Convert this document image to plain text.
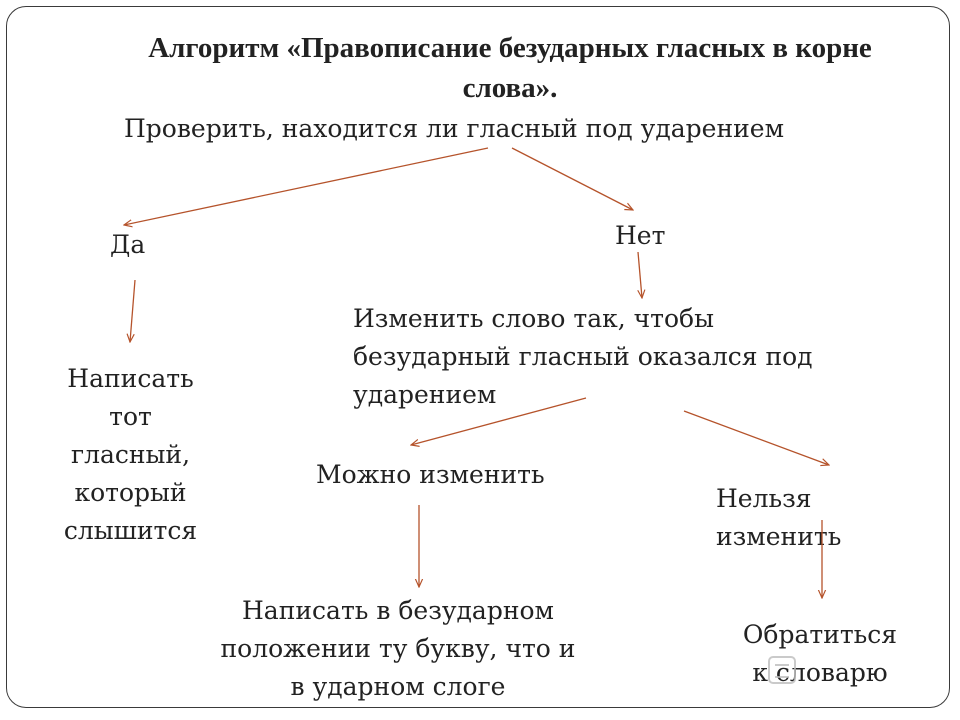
Алгоритм «Правописание безударных гласных в корне
слова».
Проверить, находится ли гласный под ударением
Да	Нет
Написать
тот
гласный,
который
слышится
Изменить слово так, чтобы
безударный гласный оказался под
ударением
Можно изменить
Нельзя
изменить
Написать в безударном
положении ту букву, что и
в ударном слоге
Обратиться
к словарю
